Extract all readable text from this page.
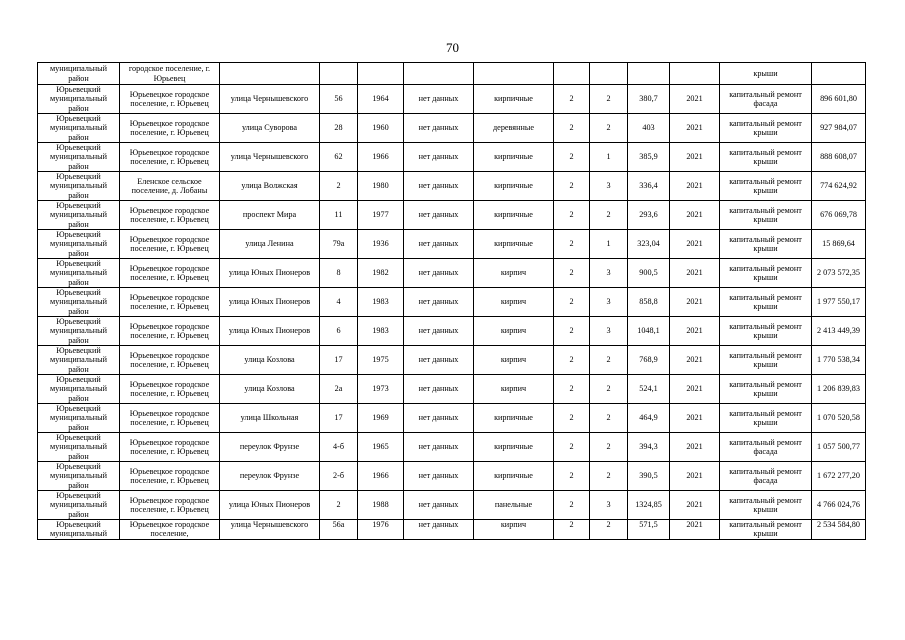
70
муниципальный район	городское поселение, г. Юрьевец										крыши	
Юрьевецкий муниципальный район	Юрьевецкое городское поселение, г. Юрьевец	улица Чернышевского	56	1964	нет данных	кирпичные	2	2	380,7	2021	капитальный ремонт фасада	896 601,80
Юрьевецкий муниципальный район	Юрьевецкое городское поселение, г. Юрьевец	улица Суворова	28	1960	нет данных	деревянные	2	2	403	2021	капитальный ремонт крыши	927 984,07
Юрьевецкий муниципальный район	Юрьевецкое городское поселение, г. Юрьевец	улица Чернышевского	62	1966	нет данных	кирпичные	2	1	385,9	2021	капитальный ремонт крыши	888 608,07
Юрьевецкий муниципальный район	Еленское сельское поселение, д. Лобаны	улица Волжская	2	1980	нет данных	кирпичные	2	3	336,4	2021	капитальный ремонт крыши	774 624,92
Юрьевецкий муниципальный район	Юрьевецкое городское поселение, г. Юрьевец	проспект Мира	11	1977	нет данных	кирпичные	2	2	293,6	2021	капитальный ремонт крыши	676 069,78
Юрьевецкий муниципальный район	Юрьевецкое городское поселение, г. Юрьевец	улица Ленина	79а	1936	нет данных	кирпичные	2	1	323,04	2021	капитальный ремонт крыши	15 869,64
Юрьевецкий муниципальный район	Юрьевецкое городское поселение, г. Юрьевец	улица Юных Пионеров	8	1982	нет данных	кирпич	2	3	900,5	2021	капитальный ремонт крыши	2 073 572,35
Юрьевецкий муниципальный район	Юрьевецкое городское поселение, г. Юрьевец	улица Юных Пионеров	4	1983	нет данных	кирпич	2	3	858,8	2021	капитальный ремонт крыши	1 977 550,17
Юрьевецкий муниципальный район	Юрьевецкое городское поселение, г. Юрьевец	улица Юных Пионеров	6	1983	нет данных	кирпич	2	3	1048,1	2021	капитальный ремонт крыши	2 413 449,39
Юрьевецкий муниципальный район	Юрьевецкое городское поселение, г. Юрьевец	улица Козлова	17	1975	нет данных	кирпич	2	2	768,9	2021	капитальный ремонт крыши	1 770 538,34
Юрьевецкий муниципальный район	Юрьевецкое городское поселение, г. Юрьевец	улица Козлова	2а	1973	нет данных	кирпич	2	2	524,1	2021	капитальный ремонт крыши	1 206 839,83
Юрьевецкий муниципальный район	Юрьевецкое городское поселение, г. Юрьевец	улица Школьная	17	1969	нет данных	кирпичные	2	2	464,9	2021	капитальный ремонт крыши	1 070 520,58
Юрьевецкий муниципальный район	Юрьевецкое городское поселение, г. Юрьевец	переулок Фрунзе	4-б	1965	нет данных	кирпичные	2	2	394,3	2021	капитальный ремонт фасада	1 057 500,77
Юрьевецкий муниципальный район	Юрьевецкое городское поселение, г. Юрьевец	переулок Фрунзе	2-б	1966	нет данных	кирпичные	2	2	390,5	2021	капитальный ремонт фасада	1 672 277,20
Юрьевецкий муниципальный район	Юрьевецкое городское поселение, г. Юрьевец	улица Юных Пионеров	2	1988	нет данных	панельные	2	3	1324,85	2021	капитальный ремонт крыши	4 766 024,76
Юрьевецкий муниципальный	Юрьевецкое городское поселение,	улица Чернышевского	56а	1976	нет данных	кирпич	2	2	571,5	2021	капитальный ремонт крыши	2 534 584,80
